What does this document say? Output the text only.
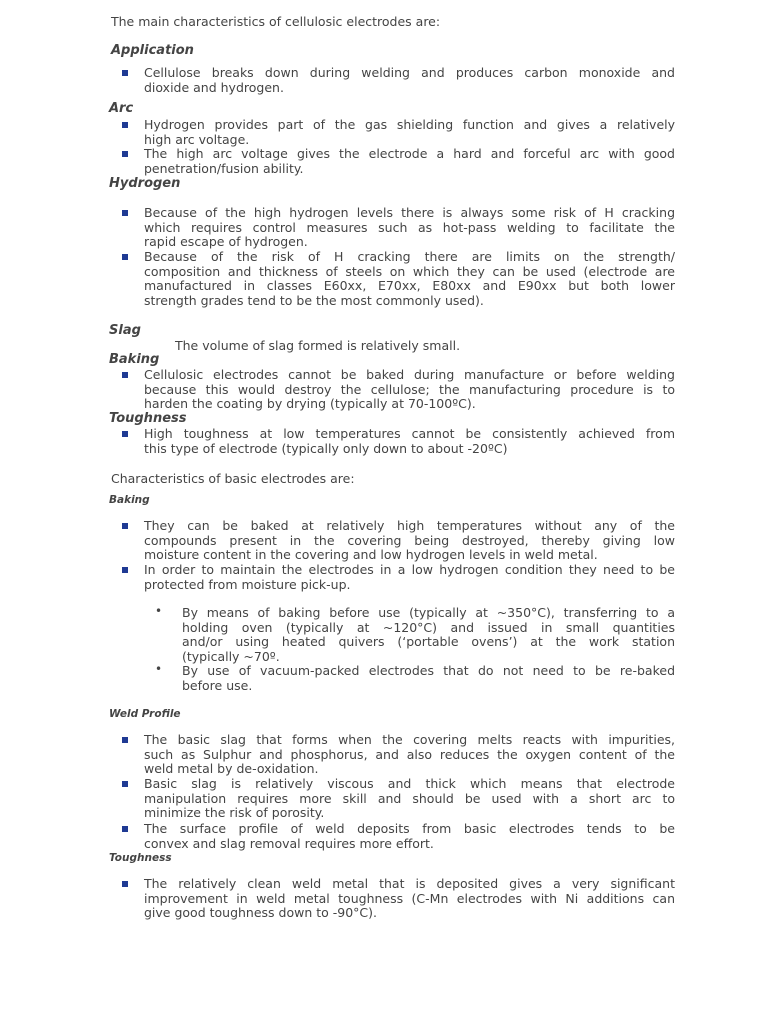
The main characteristics of cellulosic electrodes are:

Application

Cellulose breaks down during welding and produces carbon monoxide and
dioxide and hydrogen.

Arc

Hydrogen provides part of the gas shielding function and gives a relatively
high arc voltage.
The high arc voltage gives the electrode a hard and forceful arc with good
penetration/fusion ability.

Hydrogen

Because of the high hydrogen levels there is always some risk of H cracking
which requires control measures such as hot-pass welding to facilitate the
rapid escape of hydrogen.
Because of the risk of H cracking there are limits on the strength/
composition and thickness of steels on which they can be used (electrode are
manufactured in classes E60xx, E70xx, E80xx and E90xx but both lower
strength grades tend to be the most commonly used).

Slag

The volume of slag formed is relatively small.

Baking

Cellulosic electrodes cannot be baked during manufacture or before welding
because this would destroy the cellulose; the manufacturing procedure is to
harden the coating by drying (typically at 70-100ºC).

Toughness

High toughness at low temperatures cannot be consistently achieved from
this type of electrode (typically only down to about -20ºC)

Characteristics of basic electrodes are:

Baking

They can be baked at relatively high temperatures without any of the
compounds present in the covering being destroyed, thereby giving low
moisture content in the covering and low hydrogen levels in weld metal.
In order to maintain the electrodes in a low hydrogen condition they need to be
protected from moisture pick-up.
• By means of baking before use (typically at ~350°C), transferring to a
holding oven (typically at ~120°C) and issued in small quantities
and/or using heated quivers (‘portable ovens’) at the work station
(typically ~70º.
• By use of vacuum-packed electrodes that do not need to be re-baked
before use.

Weld Profile

The basic slag that forms when the covering melts reacts with impurities,
such as Sulphur and phosphorus, and also reduces the oxygen content of the
weld metal by de-oxidation.
Basic slag is relatively viscous and thick which means that electrode
manipulation requires more skill and should be used with a short arc to
minimize the risk of porosity.
The surface profile of weld deposits from basic electrodes tends to be
convex and slag removal requires more effort.

Toughness

The relatively clean weld metal that is deposited gives a very significant
improvement in weld metal toughness (C-Mn electrodes with Ni additions can
give good toughness down to -90°C).
